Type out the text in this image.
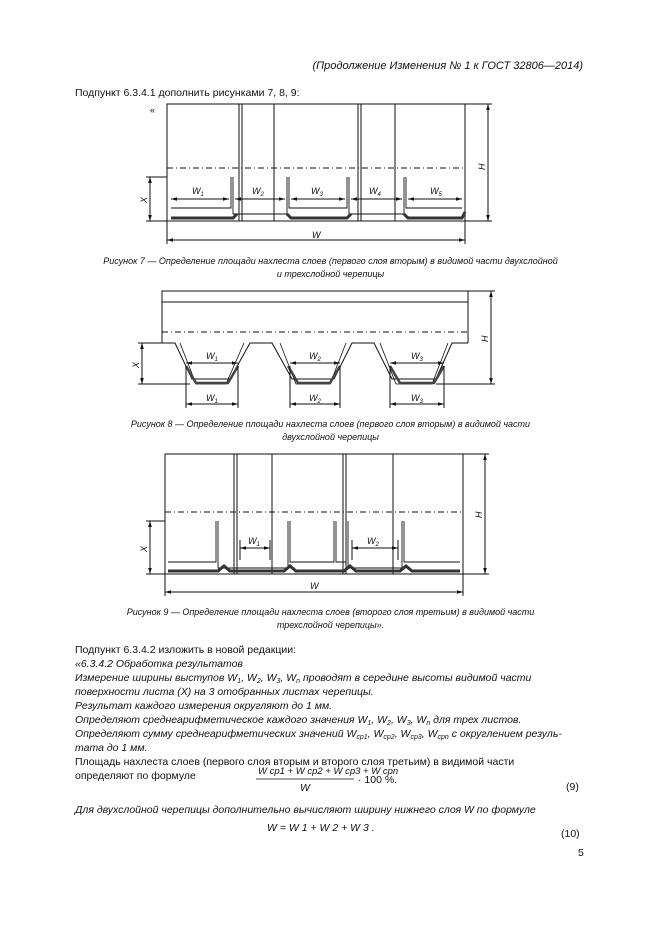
(Продолжение Изменения № 1 к ГОСТ 32806—2014)
Подпункт 6.3.4.1 дополнить рисунками 7, 8, 9:
«
$W_1$	$W_2$	$W_3$	$W_4$	$W_5$
W
X
H
$W_1$	$W_2$	$W_3$
$W_1$	$W_2$	$W_3$
X
H
$W_1$	$W_2$
W
X
H
Рисунок 7 — Определение площади нахлеста слоев (первого слоя вторым) в видимой части двухслойной
и трехслойной черепицы
Рисунок 8 — Определение площади нахлеста слоев (первого слоя вторым) в видимой части
двухслойной черепицы
Рисунок 9 — Определение площади нахлеста слоев (второго слоя третьим) в видимой части
трехслойной черепицы».
Подпункт 6.3.4.2 изложить в новой редакции:
«6.3.4.2 Обработка результатов
Измерение ширины выступов $W_1$, $W_2$, $W_3$, $W_n$ проводят в середине высоты видимой части
поверхности листа (X) на 3 отобранных листах черепицы.
Результат каждого измерения округляют до 1 мм.
Определяют среднеарифметическое каждого значения $W_1$, $W_2$, $W_3$, $W_n$ для трех листов.
Определяют сумму среднеарифметических значений $W_{ср1}$, $W_{ср2}$, $W_{ср3}$, $W_{срn}$ с округлением резуль-
тата до 1 мм.
Площадь нахлеста слоев (первого слоя вторым и второго слоя третьим) в видимой части
определяют по формуле	W ср1 + W ср2 + W ср3 + W срn
W
· 100 %.
(9)
Для двухслойной черепицы дополнительно вычисляют ширину нижнего слоя W по формуле
W = W 1 + W 2 + W 3 .	(10)
5
